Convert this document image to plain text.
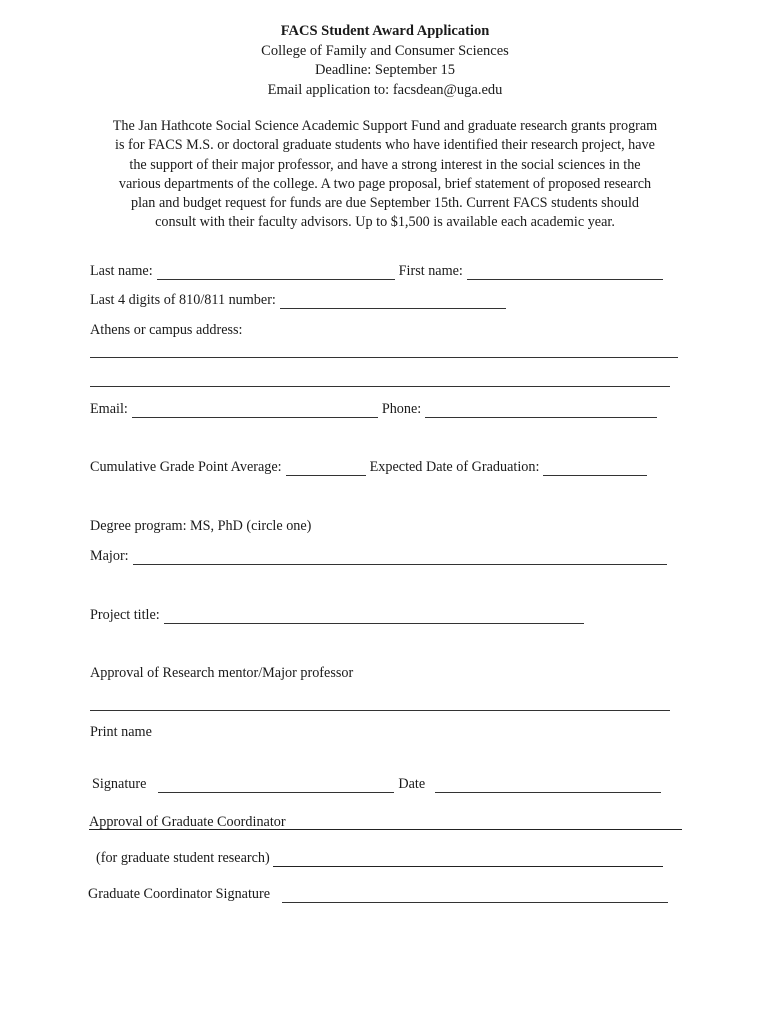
FACS Student Award Application
College of Family and Consumer Sciences
Deadline: September 15
Email application to: facsdean@uga.edu
The Jan Hathcote Social Science Academic Support Fund and graduate research grants program
is for FACS M.S. or doctoral graduate students who have identified their research project, have
the support of their major professor, and have a strong interest in the social sciences in the
various departments of the college. A two page proposal, brief statement of proposed research
plan and budget request for funds are due September 15th. Current FACS students should
consult with their faculty advisors. Up to $1,500 is available each academic year.
Last name:	First name:
Last 4 digits of 810/811 number:
Athens or campus address:
Email:	Phone:
Cumulative Grade Point Average:	Expected Date of Graduation:
Degree program: MS, PhD (circle one)
Major:
Project title:
Approval of Research mentor/Major professor
Print name
Signature	Date
Approval of Graduate Coordinator
(for graduate student research)
Graduate Coordinator Signature
